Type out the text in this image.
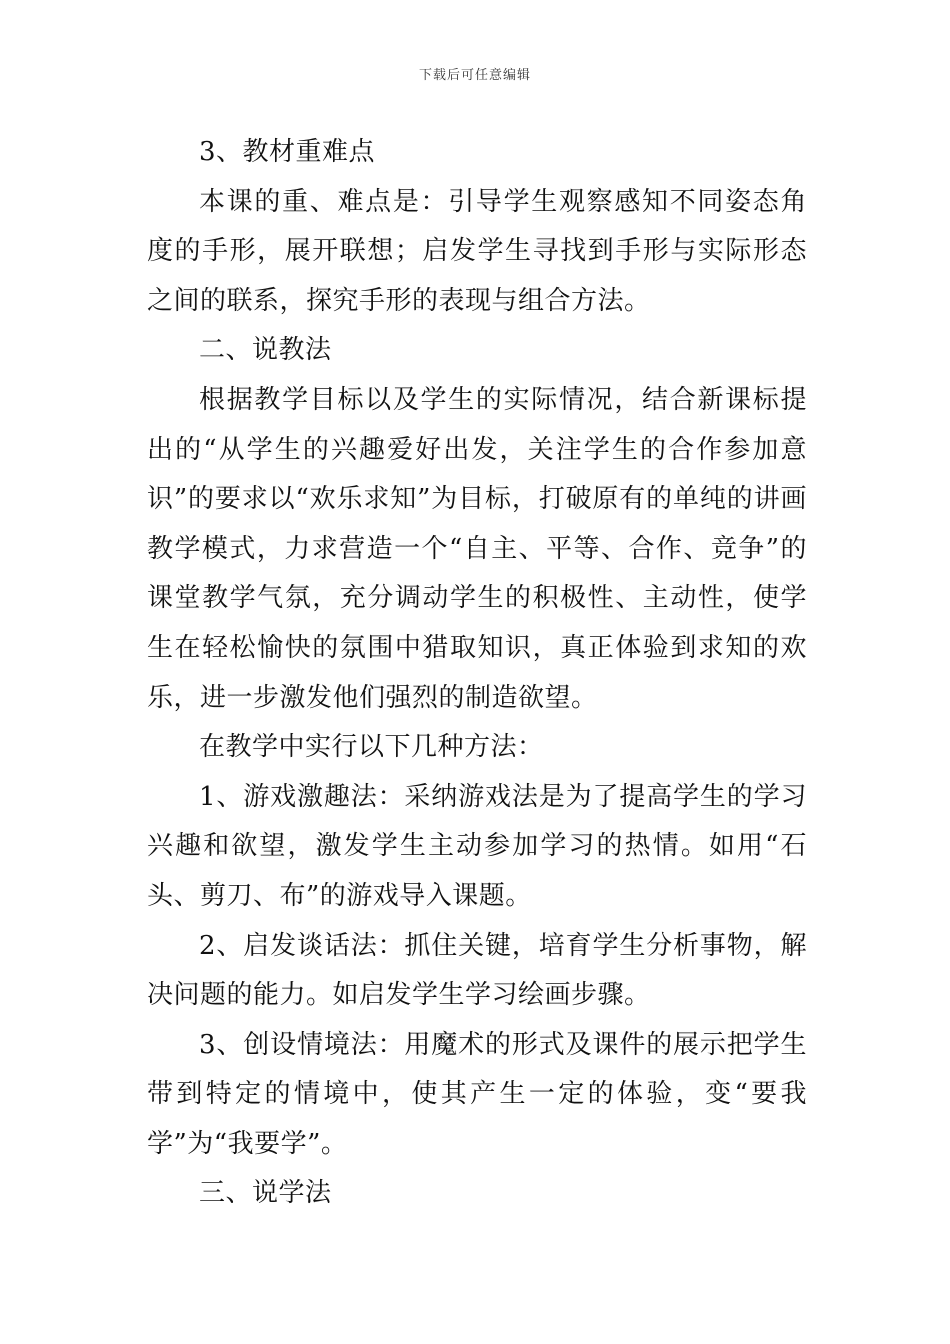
下载后可任意编辑

3、教材重难点

本课的重、难点是：引导学生观察感知不同姿态角度的手形，展开联想；启发学生寻找到手形与实际形态之间的联系，探究手形的表现与组合方法。

二、说教法

根据教学目标以及学生的实际情况，结合新课标提出的“从学生的兴趣爱好出发，关注学生的合作参加意识”的要求以“欢乐求知”为目标，打破原有的单纯的讲画教学模式，力求营造一个“自主、平等、合作、竞争”的课堂教学气氛，充分调动学生的积极性、主动性，使学生在轻松愉快的氛围中猎取知识，真正体验到求知的欢乐，进一步激发他们强烈的制造欲望。

在教学中实行以下几种方法：

1、游戏激趣法：采纳游戏法是为了提高学生的学习兴趣和欲望，激发学生主动参加学习的热情。如用“石头、剪刀、布”的游戏导入课题。

2、启发谈话法：抓住关键，培育学生分析事物，解决问题的能力。如启发学生学习绘画步骤。

3、创设情境法：用魔术的形式及课件的展示把学生带到特定的情境中，使其产生一定的体验，变“要我学”为“我要学”。

三、说学法
